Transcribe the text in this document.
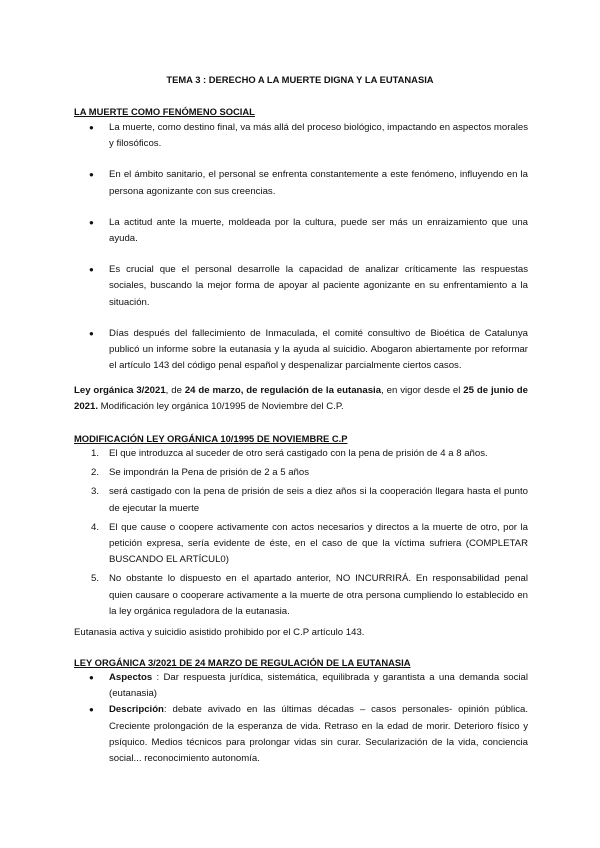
TEMA 3 : DERECHO A LA MUERTE DIGNA Y LA EUTANASIA
LA MUERTE COMO FENÓMENO SOCIAL
● La muerte, como destino final, va más allá del proceso biológico, impactando en aspectos morales y filosóficos.
● En el ámbito sanitario, el personal se enfrenta constantemente a este fenómeno, influyendo en la persona agonizante con sus creencias.
● La actitud ante la muerte, moldeada por la cultura, puede ser más un enraizamiento que una ayuda.
● Es crucial que el personal desarrolle la capacidad de analizar críticamente las respuestas sociales, buscando la mejor forma de apoyar al paciente agonizante en su enfrentamiento a la situación.
● Días después del fallecimiento de Inmaculada, el comité consultivo de Bioética de Catalunya publicó un informe sobre la eutanasia y la ayuda al suicidio. Abogaron abiertamente por reformar el artículo 143 del código penal español y despenalizar parcialmente ciertos casos.
Ley orgánica 3/2021, de 24 de marzo, de regulación de la eutanasia, en vigor desde el 25 de junio de 2021. Modificación ley orgánica 10/1995 de Noviembre del C.P.
MODIFICACIÓN LEY ORGÁNICA 10/1995 DE NOVIEMBRE C.P
1. El que introduzca al suceder de otro será castigado con la pena de prisión de 4 a 8 años.
2. Se impondrán la Pena de prisión de 2 a 5 años
3. será castigado con la pena de prisión de seis a diez años si la cooperación llegara hasta el punto de ejecutar la muerte
4. El que cause o coopere activamente con actos necesarios y directos a la muerte de otro, por la petición expresa, sería evidente de éste, en el caso de que la víctima sufriera (COMPLETAR BUSCANDO EL ARTÍCUL0)
5. No obstante lo dispuesto en el apartado anterior, NO INCURRIRÁ. En responsabilidad penal quien causare o cooperare activamente a la muerte de otra persona cumpliendo lo establecido en la ley orgánica reguladora de la eutanasia.
Eutanasia activa y suicidio asistido prohibido por el C.P artículo 143.
LEY ORGÁNICA 3/2021 DE 24 MARZO DE REGULACIÓN DE LA EUTANASIA
● Aspectos : Dar respuesta jurídica, sistemática, equilibrada y garantista a una demanda social (eutanasia)
● Descripción: debate avivado en las últimas décadas – casos personales- opinión pública. Creciente prolongación de la esperanza de vida. Retraso en la edad de morir. Deterioro físico y psíquico. Medios técnicos para prolongar vidas sin curar. Secularización de la vida, conciencia social... reconocimiento autonomía.
